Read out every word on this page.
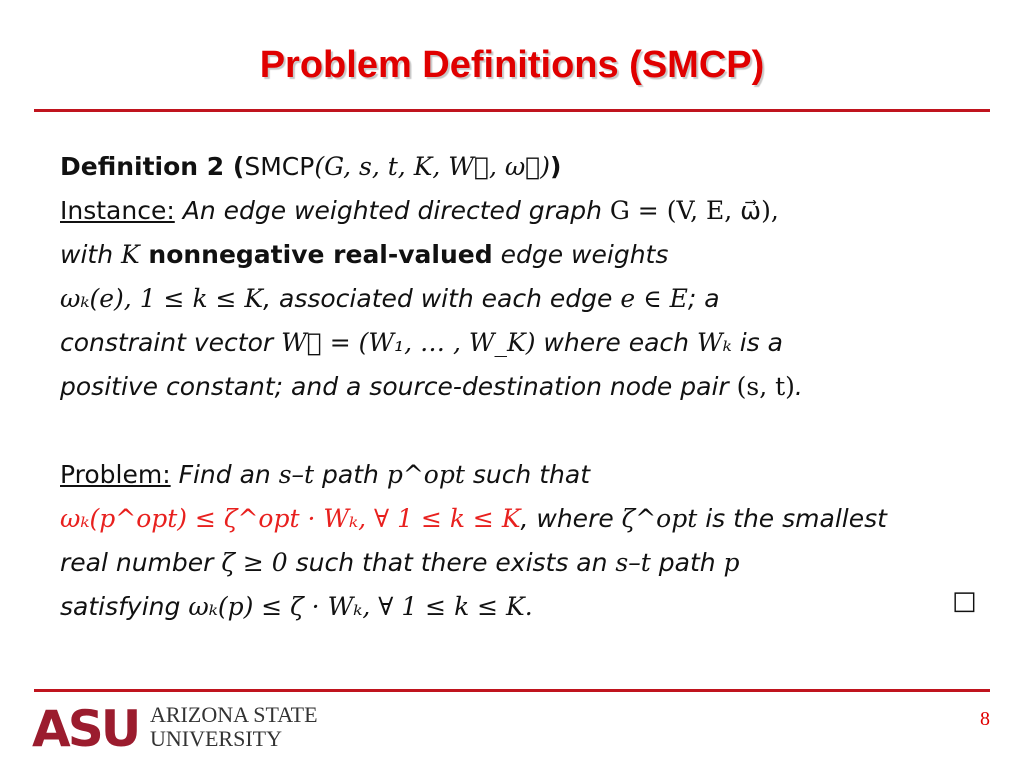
Problem Definitions (SMCP)
Definition 2 (SMCP(G, s, t, K, W⃗, ω⃗))
Instance: An edge weighted directed graph G = (V, E, ω⃗),
with K nonnegative real-valued edge weights
ωₖ(e), 1 ≤ k ≤ K, associated with each edge e ∈ E; a
constraint vector W⃗ = (W₁, … , W_K) where each Wₖ is a
positive constant; and a source-destination node pair (s, t).
Problem: Find an s–t path p^opt such that
ωₖ(p^opt) ≤ ζ^opt · Wₖ, ∀ 1 ≤ k ≤ K, where ζ^opt is the smallest
real number ζ ≥ 0 such that there exists an s–t path p
satisfying ωₖ(p) ≤ ζ · Wₖ, ∀ 1 ≤ k ≤ K.	□
ASU ARIZONA STATE
UNIVERSITY
8
